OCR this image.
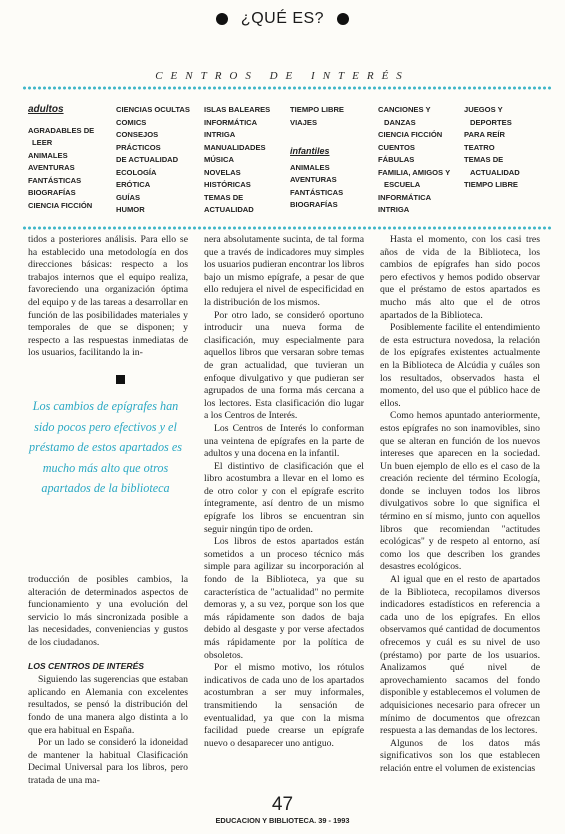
¿QUÉ ES?
CENTROS DE INTERÉS
adultos
AGRADABLES DE
LEER
ANIMALES
AVENTURAS
FANTÁSTICAS
BIOGRAFÍAS
CIENCIA FICCIÓN
CIENCIAS OCULTAS
COMICS
CONSEJOS
PRÁCTICOS
DE ACTUALIDAD
ECOLOGÍA
ERÓTICA
GUÍAS
HUMOR
ISLAS BALEARES
INFORMÁTICA
INTRIGA
MANUALIDADES
MÚSICA
NOVELAS
HISTÓRICAS
TEMAS DE
ACTUALIDAD
TIEMPO LIBRE
VIAJES
infantiles
ANIMALES
AVENTURAS
FANTÁSTICAS
BIOGRAFÍAS
CANCIONES Y
DANZAS
CIENCIA FICCIÓN
CUENTOS
FÁBULAS
FAMILIA, AMIGOS Y
ESCUELA
INFORMÁTICA
INTRIGA
JUEGOS Y
DEPORTES
PARA REÍR
TEATRO
TEMAS DE
ACTUALIDAD
TIEMPO LIBRE

tidos a posteriores análisis. Para ello se ha establecido una metodología en dos direcciones básicas: respecto a los trabajos internos que el equipo realiza, favoreciendo una organización óptima del equipo y de las tareas a desarrollar en función de las posibilidades materiales y temporales de que se disponen; y respecto a las respuestas inmediatas de los usuarios, facilitando la in-

Los cambios de epígrafes han sido pocos pero efectivos y el préstamo de estos apartados es mucho más alto que otros apartados de la biblioteca

troducción de posibles cambios, la alteración de determinados aspectos de funcionamiento y una evolución del servicio lo más sincronizada posible a las necesidades, conveniencias y gustos de los ciudadanos.

LOS CENTROS DE INTERÉS

Siguiendo las sugerencias que estaban aplicando en Alemania con excelentes resultados, se pensó la distribución del fondo de una manera algo distinta a lo que era habitual en España.

Por un lado se consideró la idoneidad de mantener la habitual Clasificación Decimal Universal para los libros, pero tratada de una ma-

nera absolutamente sucinta, de tal forma que a través de indicadores muy simples los usuarios pudieran encontrar los libros bajo un mismo epígrafe, a pesar de que ello redujera el nivel de especificidad en la distribución de los mismos.

Por otro lado, se consideró oportuno introducir una nueva forma de clasificación, muy especialmente para aquellos libros que versaran sobre temas de gran actualidad, que tuvieran un enfoque divulgativo y que pudieran ser agrupados de una forma más cercana a los lectores. Esta clasificación dio lugar a los Centros de Interés.

Los Centros de Interés lo conforman una veintena de epígrafes en la parte de adultos y una docena en la infantil.

El distintivo de clasificación que el libro acostumbra a llevar en el lomo es de otro color y con el epígrafe escrito íntegramente, así dentro de un mismo epígrafe los libros se encuentran sin seguir ningún tipo de orden.

Los libros de estos apartados están sometidos a un proceso técnico más simple para agilizar su incorporación al fondo de la Biblioteca, ya que su característica de "actualidad" no permite demoras y, a su vez, porque son los que más rápidamente son dados de baja debido al desgaste y por verse afectados más rápidamente por la política de obsoletos.

Por el mismo motivo, los rótulos indicativos de cada uno de los apartados acostumbran a ser muy informales, transmitiendo la sensación de eventualidad, ya que con la misma facilidad puede crearse un epígrafe nuevo o desaparecer uno antiguo.

Hasta el momento, con los casi tres años de vida de la Biblioteca, los cambios de epígrafes han sido pocos pero efectivos y hemos podido observar que el préstamo de estos apartados es mucho más alto que el de otros apartados de la Biblioteca.

Posiblemente facilite el entendimiento de esta estructura novedosa, la relación de los epígrafes existentes actualmente en la Biblioteca de Alcúdia y cuáles son los resultados, observados hasta el momento, del uso que el público hace de ellos.

Como hemos apuntado anteriormente, estos epígrafes no son inamovibles, sino que se alteran en función de los nuevos intereses que aparecen en la sociedad. Un buen ejemplo de ello es el caso de la creación reciente del término Ecología, donde se incluyen todos los libros divulgativos sobre lo que significa el término en sí mismo, junto con aquellos libros que recomiendan "actitudes ecológicas" y de respeto al entorno, así como los que describen los grandes desastres ecológicos.

Al igual que en el resto de apartados de la Biblioteca, recopilamos diversos indicadores estadísticos en referencia a cada uno de los epígrafes. En ellos observamos qué cantidad de documentos ofrecemos y cuál es su nivel de uso (préstamo) por parte de los usuarios. Analizamos qué nivel de aprovechamiento sacamos del fondo disponible y establecemos el volumen de adquisiciones necesario para ofrecer un mínimo de documentos que ofrezcan respuesta a las demandas de los lectores.

Algunos de los datos más significativos son los que establecen relación entre el volumen de existencias

47
EDUCACION Y BIBLIOTECA. 39 - 1993
